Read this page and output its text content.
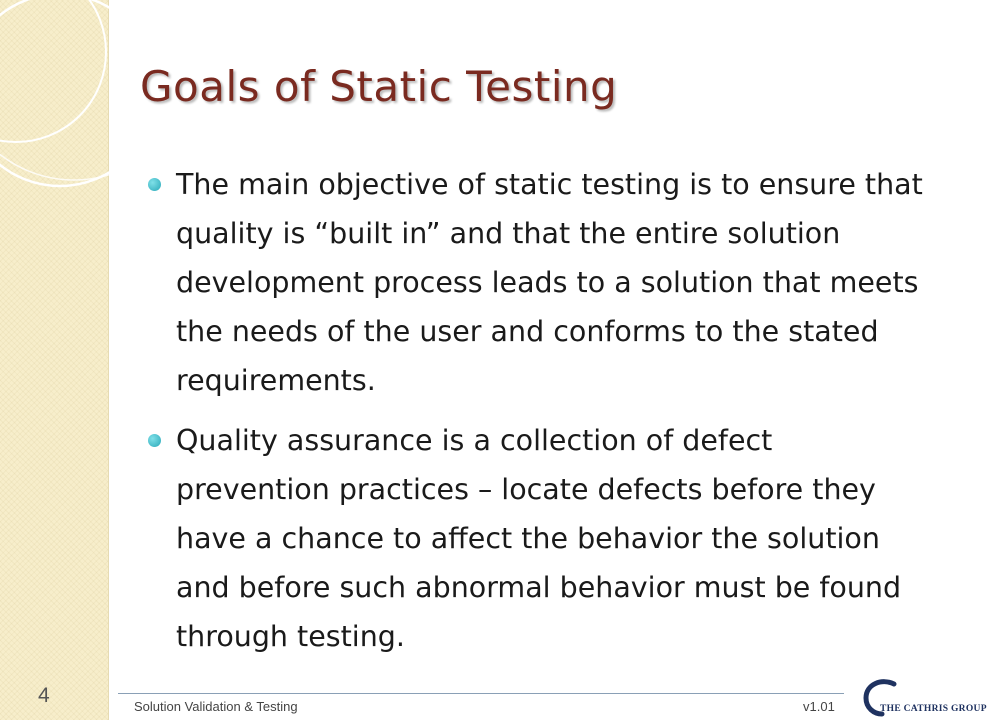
Goals of Static Testing
The main objective of static testing is to ensure that quality is “built in” and that the entire solution development process leads to a solution that meets the needs of the user and conforms to the stated requirements.
Quality assurance is a collection of defect prevention practices – locate defects before they have a chance to affect the behavior the solution and before such abnormal behavior must be found through testing.
4	Solution Validation & Testing	v1.01	THE CATHRIS GROUP
